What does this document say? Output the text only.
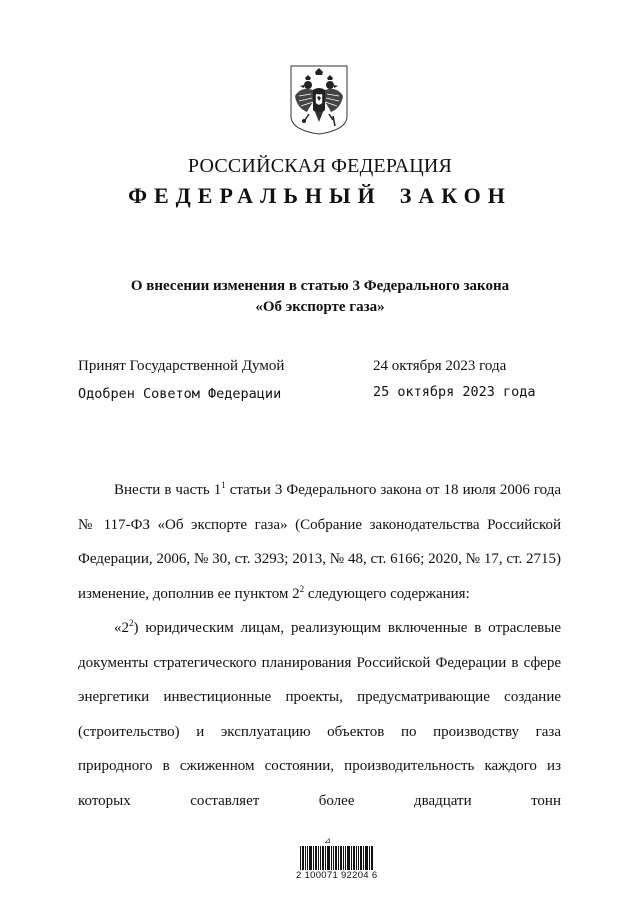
РОССИЙСКАЯ ФЕДЕРАЦИЯ
ФЕДЕРАЛЬНЫЙ ЗАКОН
О внесении изменения в статью 3 Федерального закона
«Об экспорте газа»
Принят Государственной Думой	24 октября 2023 года
Одобрен Советом Федерации	25 октября 2023 года

Внести в часть $1^1$ статьи 3 Федерального закона от 18 июля 2006 года № 117-ФЗ «Об экспорте газа» (Собрание законодательства Российской Федерации, 2006, № 30, ст. 3293; 2013, № 48, ст. 6166; 2020, № 17, ст. 2715) изменение, дополнив ее пунктом $2^2$ следующего содержания:

«$2^2$) юридическим лицам, реализующим включенные в отраслевые документы стратегического планирования Российской Федерации в сфере энергетики инвестиционные проекты, предусматривающие создание (строительство) и эксплуатацию объектов по производству газа природного в сжиженном состоянии, производительность каждого из которых составляет более двадцати тонн

⊿
2 100071 92204 6
